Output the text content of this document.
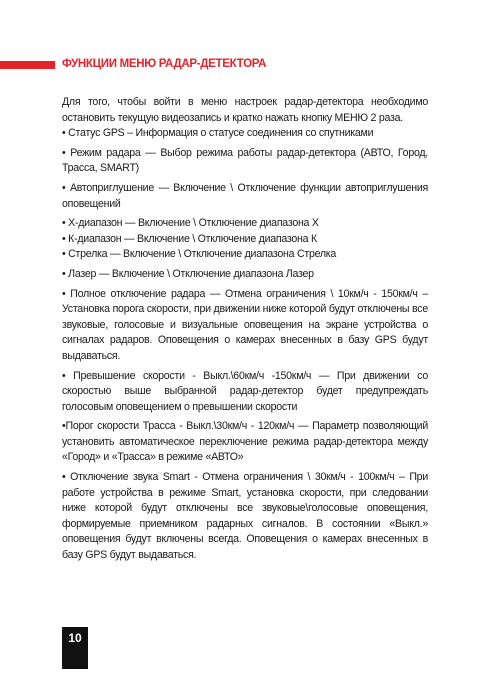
ФУНКЦИИ МЕНЮ РАДАР-ДЕТЕКТОРА

Для того, чтобы войти в меню настроек радар-детектора необходимо остановить текущую видеозапись и кратко нажать кнопку МЕНЮ 2 раза.

• Статус GPS – Информация о статусе соединения со спутниками

• Режим радара — Выбор режима работы радар-детектора (АВТО, Город, Трасса, SMART)

• Автоприглушение — Включение \ Отключение функции автоприглушения оповещений

• X-диапазон — Включение \ Отключение диапазона X

• К-диапазон — Включение \ Отключение диапазона К

• Стрелка — Включение \ Отключение диапазона Стрелка

• Лазер — Включение \ Отключение диапазона Лазер

• Полное отключение радара — Отмена ограничения \ 10км/ч - 150км/ч – Установка порога скорости, при движении ниже которой будут отключены все звуковые, голосовые и визуальные оповещения на экране устройства о сигналах радаров. Оповещения о камерах внесенных в базу GPS будут выдаваться.

• Превышение скорости - Выкл.\60км/ч -150км/ч — При движении со скоростью выше выбранной радар-детектор будет предупреждать голосовым оповещением о превышении скорости

•Порог скорости Трасса - Выкл.\30км/ч - 120км/ч — Параметр позволяющий установить автоматическое переключение режима радар-детектора между «Город» и «Трасса» в режиме «АВТО»

• Отключение звука Smart - Отмена ограничения \ 30км/ч - 100км/ч – При работе устройства в режиме Smart, установка скорости, при следовании ниже которой будут отключены все звуковые\голосовые оповещения, формируемые приемником радарных сигналов. В состоянии «Выкл.» оповещения будут включены всегда. Оповещения о камерах внесенных в базу GPS будут выдаваться.

10
